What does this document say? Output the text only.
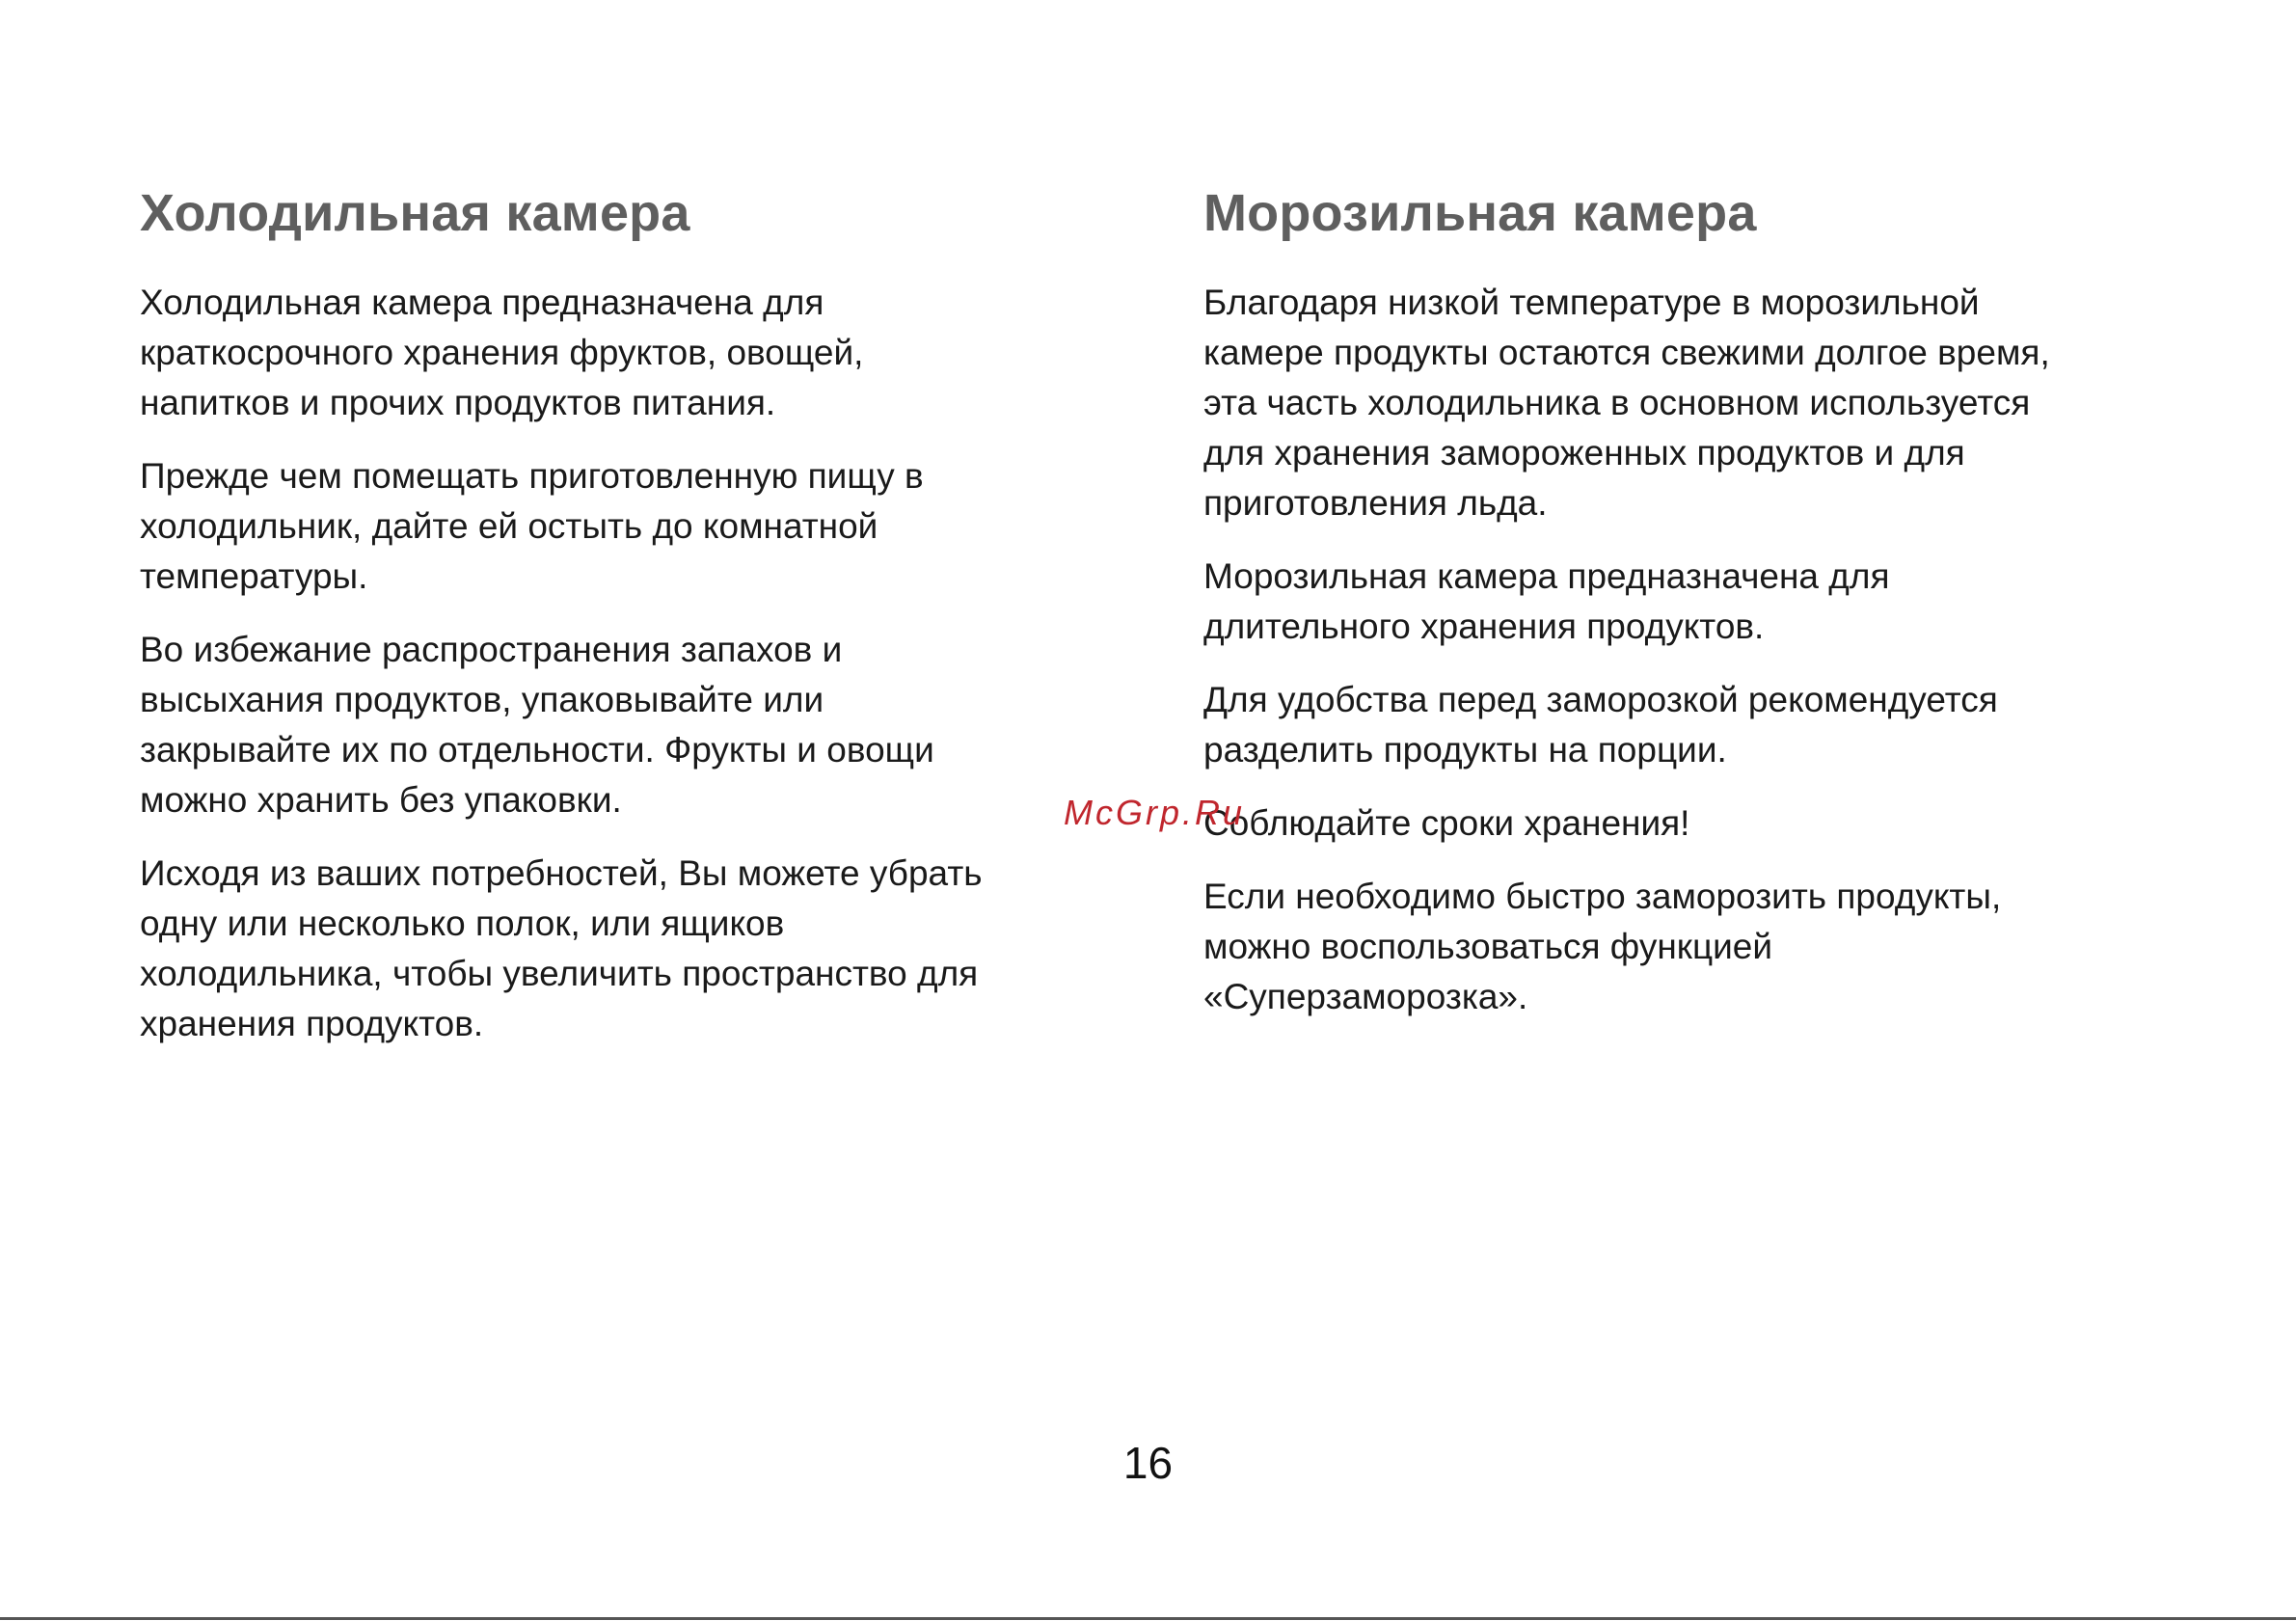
Холодильная камера

Холодильная камера предназначена для
краткосрочного хранения фруктов, овощей,
напитков и прочих продуктов питания.

Прежде чем помещать приготовленную пищу в
холодильник, дайте ей остыть до комнатной
температуры.

Во избежание распространения запахов и
высыхания продуктов, упаковывайте или
закрывайте их по отдельности. Фрукты и овощи
можно хранить без упаковки.

Исходя из ваших потребностей, Вы можете убрать
одну или несколько полок, или ящиков
холодильника, чтобы увеличить пространство для
хранения продуктов.

Морозильная камера

Благодаря низкой температуре в морозильной
камере продукты остаются свежими долгое время,
эта часть холодильника в основном используется
для хранения замороженных продуктов и для
приготовления льда.

Морозильная камера предназначена для
длительного хранения продуктов.

Для удобства перед заморозкой рекомендуется
разделить продукты на порции.

Соблюдайте сроки хранения!

Если необходимо быстро заморозить продукты,
можно воспользоваться функцией
«Суперзаморозка».

McGrp.Ru
16
